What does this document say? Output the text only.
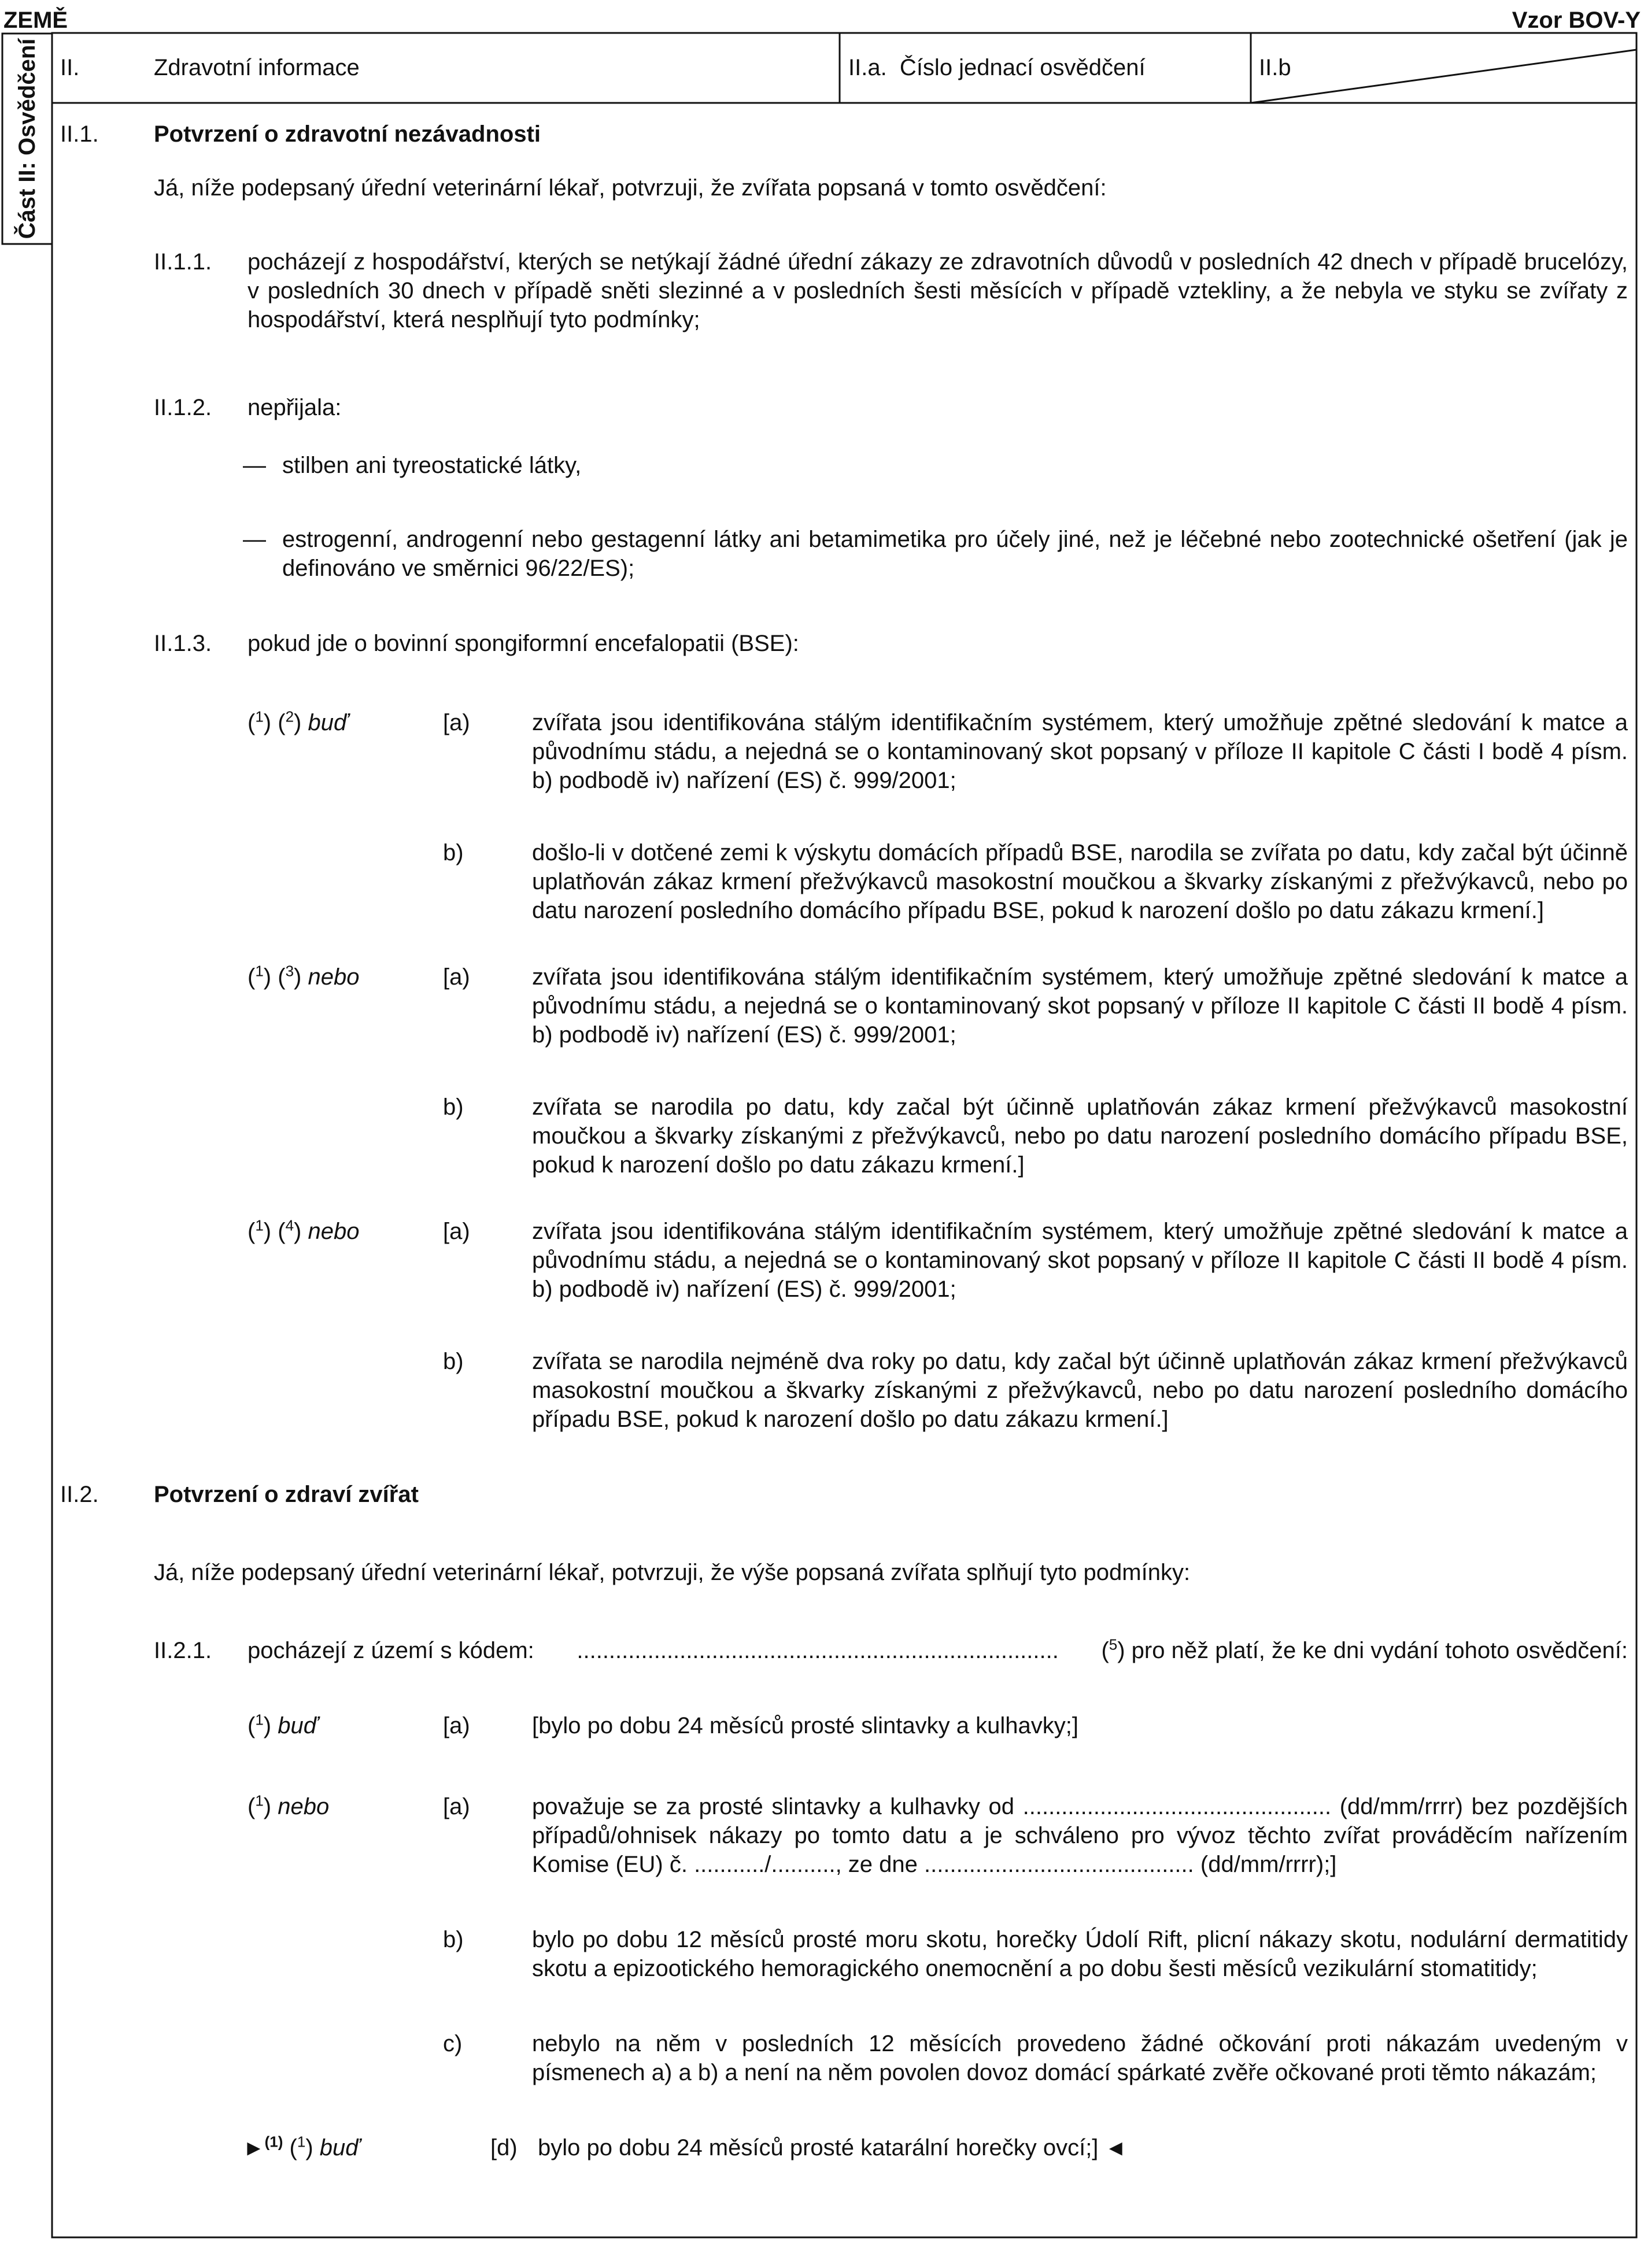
ZEMĚ	Vzor BOV-Y
Část II: Osvědčení II.	Zdravotní informace	II.a.  Číslo jednací osvědčení	II.b
II.1. Potvrzení o zdravotní nezávadnosti
Já, níže podepsaný úřední veterinární lékař, potvrzuji, že zvířata popsaná v tomto osvědčení:
II.1.1. pocházejí z hospodářství, kterých se netýkají žádné úřední zákazy ze zdravotních důvodů v posledních 42 dnech v případě brucelózy, v posledních 30 dnech v případě sněti slezinné a v posledních šesti měsících v případě vztekliny, a že nebyla ve styku se zvířaty z hospodářství, která nesplňují tyto podmínky;
II.1.2. nepřijala:
— stilben ani tyreostatické látky,
— estrogenní, androgenní nebo gestagenní látky ani betamimetika pro účely jiné, než je léčebné nebo zootechnické ošetření (jak je definováno ve směrnici 96/22/ES);
II.1.3. pokud jde o bovinní spongiformní encefalopatii (BSE):
($^1$) ($^2$) buď	[a)	zvířata jsou identifikována stálým identifikačním systémem, který umožňuje zpětné sledování k matce a původnímu stádu, a nejedná se o kontaminovaný skot popsaný v příloze II kapitole C části I bodě 4 písm. b) podbodě iv) nařízení (ES) č. 999/2001;
b)	došlo-li v dotčené zemi k výskytu domácích případů BSE, narodila se zvířata po datu, kdy začal být účinně uplatňován zákaz krmení přežvýkavců masokostní moučkou a škvarky získanými z přežvýkavců, nebo po datu narození posledního domácího případu BSE, pokud k narození došlo po datu zákazu krmení.]
($^1$) ($^3$) nebo	[a)	zvířata jsou identifikována stálým identifikačním systémem, který umožňuje zpětné sledování k matce a původnímu stádu, a nejedná se o kontaminovaný skot popsaný v příloze II kapitole C části II bodě 4 písm. b) podbodě iv) nařízení (ES) č. 999/2001;
b)	zvířata se narodila po datu, kdy začal být účinně uplatňován zákaz krmení přežvýkavců masokostní moučkou a škvarky získanými z přežvýkavců, nebo po datu narození posledního domácího případu BSE, pokud k narození došlo po datu zákazu krmení.]
($^1$) ($^4$) nebo	[a)	zvířata jsou identifikována stálým identifikačním systémem, který umožňuje zpětné sledování k matce a původnímu stádu, a nejedná se o kontaminovaný skot popsaný v příloze II kapitole C části II bodě 4 písm. b) podbodě iv) nařízení (ES) č. 999/2001;
b)	zvířata se narodila nejméně dva roky po datu, kdy začal být účinně uplatňován zákaz krmení přežvýkavců masokostní moučkou a škvarky získanými z přežvýkavců, nebo po datu narození posledního domácího případu BSE, pokud k narození došlo po datu zákazu krmení.]
II.2. Potvrzení o zdraví zvířat
Já, níže podepsaný úřední veterinární lékař, potvrzuji, že výše popsaná zvířata splňují tyto podmínky:
II.2.1. pocházejí z území s kódem: ........................................................................... ($^5$) pro něž platí, že ke dni vydání tohoto osvědčení:
($^1$) buď	[a)	[bylo po dobu 24 měsíců prosté slintavky a kulhavky;]
($^1$) nebo	[a)	považuje se za prosté slintavky a kulhavky od ................................................ (dd/mm/rrrr) bez pozdějších případů/ohnisek nákazy po tomto datu a je schváleno pro vývoz těchto zvířat prováděcím nařízením Komise (EU) č. .........../.........., ze dne .......................................... (dd/mm/rrrr);]
b)	bylo po dobu 12 měsíců prosté moru skotu, horečky Údolí Rift, plicní nákazy skotu, nodulární dermatitidy skotu a epizootického hemoragického onemocnění a po dobu šesti měsíců vezikulární stomatitidy;
c)	nebylo na něm v posledních 12 měsících provedeno žádné očkování proti nákazám uvedeným v písmenech a) a b) a není na něm povolen dovoz domácí spárkaté zvěře očkované proti těmto nákazám;
►$^{(1)}$ ($^1$) buď	[d) bylo po dobu 24 měsíců prosté katarální horečky ovcí;] ◄
